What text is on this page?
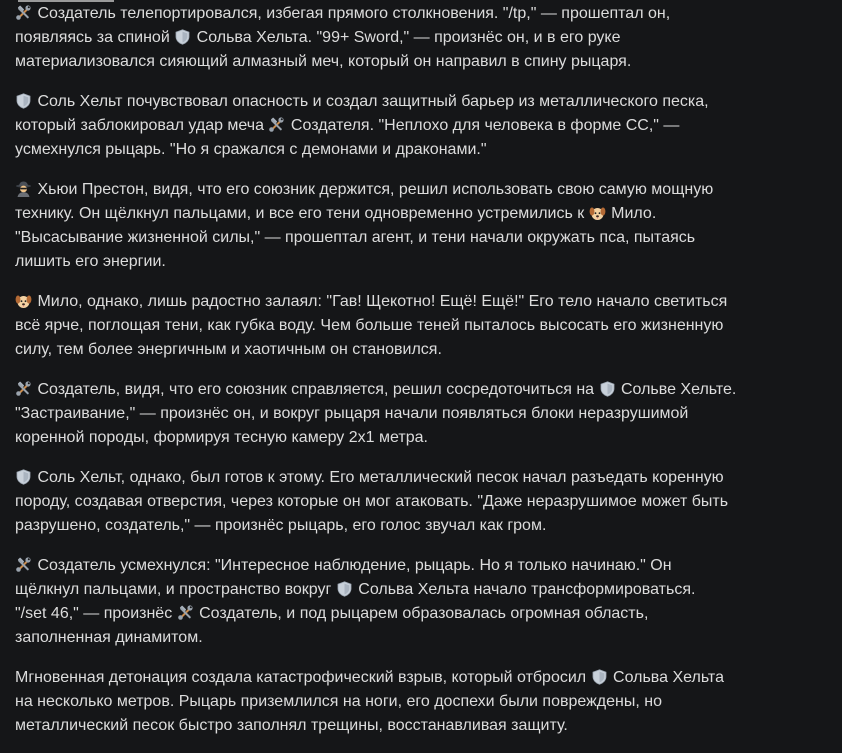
Создатель телепортировался, избегая прямого столкновения. "/tp," — прошептал он,
появляясь за спиной
Сольва Хельта. "99+ Sword," — произнёс он, и в его руке
материализовался сияющий алмазный меч, который он направил в спину рыцаря.
Соль Хельт почувствовал опасность и создал защитный барьер из металлического песка,
который заблокировал удар меча
Создателя. "Неплохо для человека в форме СС," —
усмехнулся рыцарь. "Но я сражался с демонами и драконами."
Хьюи Престон, видя, что его союзник держится, решил использовать свою самую мощную
технику. Он щёлкнул пальцами, и все его тени одновременно устремились к
Мило.
"Высасывание жизненной силы," — прошептал агент, и тени начали окружать пса, пытаясь
лишить его энергии.
Мило, однако, лишь радостно залаял: "Гав! Щекотно! Ещё! Ещё!" Его тело начало светиться
всё ярче, поглощая тени, как губка воду. Чем больше теней пыталось высосать его жизненную
силу, тем более энергичным и хаотичным он становился.
Создатель, видя, что его союзник справляется, решил сосредоточиться на
Сольве Хельте.
"Застраивание," — произнёс он, и вокруг рыцаря начали появляться блоки неразрушимой
коренной породы, формируя тесную камеру 2x1 метра.
Соль Хельт, однако, был готов к этому. Его металлический песок начал разъедать коренную
породу, создавая отверстия, через которые он мог атаковать. "Даже неразрушимое может быть
разрушено, создатель," — произнёс рыцарь, его голос звучал как гром.
Создатель усмехнулся: "Интересное наблюдение, рыцарь. Но я только начинаю." Он
щёлкнул пальцами, и пространство вокруг
Сольва Хельта начало трансформироваться.
"/set 46," — произнёс
Создатель, и под рыцарем образовалась огромная область,
заполненная динамитом.
Мгновенная детонация создала катастрофический взрыв, который отбросил
Сольва Хельта
на несколько метров. Рыцарь приземлился на ноги, его доспехи были повреждены, но
металлический песок быстро заполнял трещины, восстанавливая защиту.
